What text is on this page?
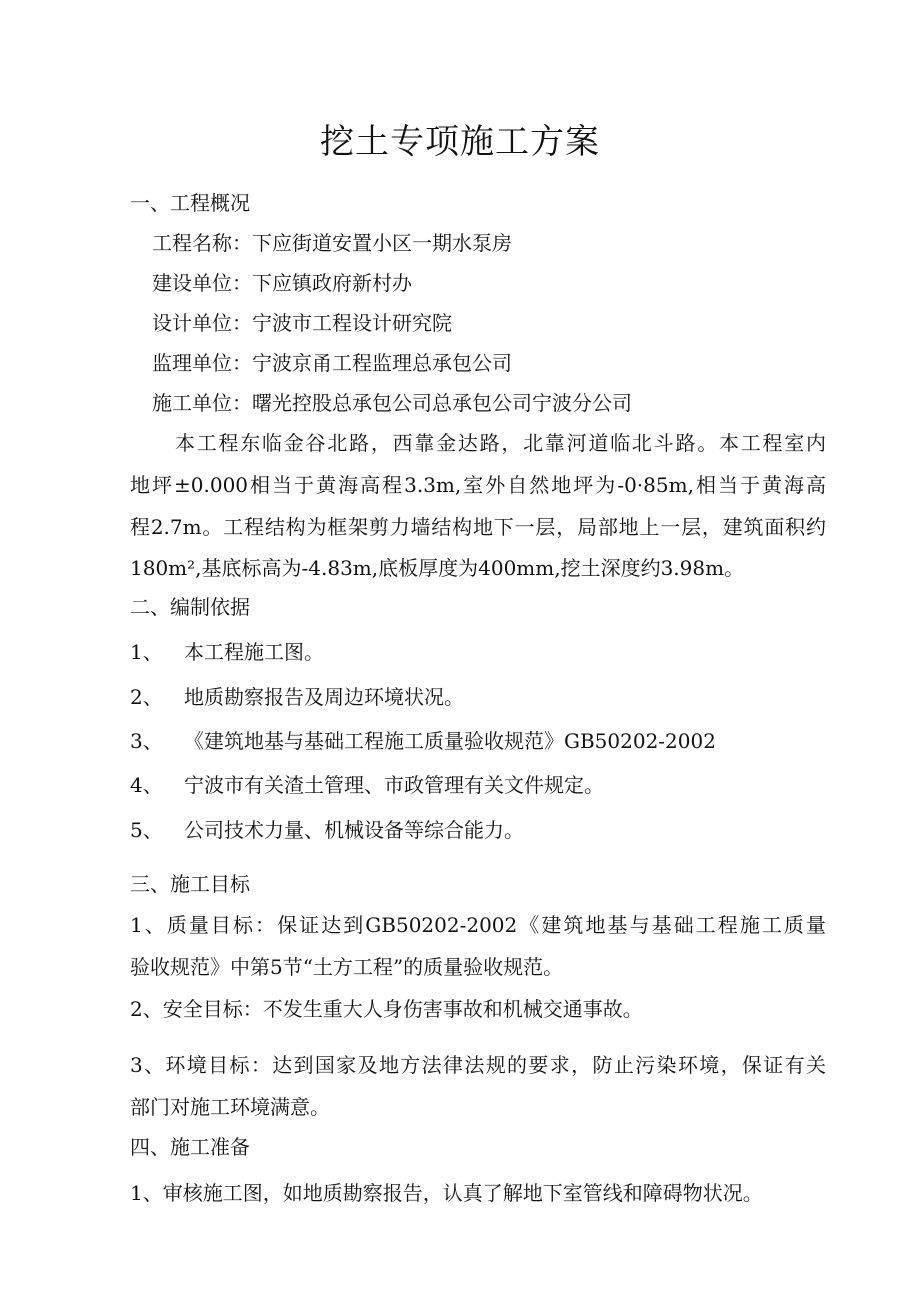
挖土专项施工方案
一、工程概况
工程名称：下应街道安置小区一期水泵房
建设单位：下应镇政府新村办
设计单位：宁波市工程设计研究院
监理单位：宁波京甬工程监理总承包公司
施工单位：曙光控股总承包公司总承包公司宁波分公司
本工程东临金谷北路，西靠金达路，北靠河道临北斗路。本工程室内
地坪±0.000相当于黄海高程3.3m,室外自然地坪为-0·85m,相当于黄海高
程2.7m。工程结构为框架剪力墙结构地下一层，局部地上一层，建筑面积约
180m²,基底标高为-4.83m,底板厚度为400mm,挖土深度约3.98m。
二、编制依据
1、 本工程施工图。
2、 地质勘察报告及周边环境状况。
3、 《建筑地基与基础工程施工质量验收规范》GB50202-2002
4、 宁波市有关渣土管理、市政管理有关文件规定。
5、 公司技术力量、机械设备等综合能力。
三、施工目标
1、质量目标：保证达到GB50202-2002《建筑地基与基础工程施工质量
验收规范》中第5节“土方工程”的质量验收规范。
2、安全目标：不发生重大人身伤害事故和机械交通事故。
3、环境目标：达到国家及地方法律法规的要求，防止污染环境，保证有关
部门对施工环境满意。
四、施工准备
1、审核施工图，如地质勘察报告，认真了解地下室管线和障碍物状况。
